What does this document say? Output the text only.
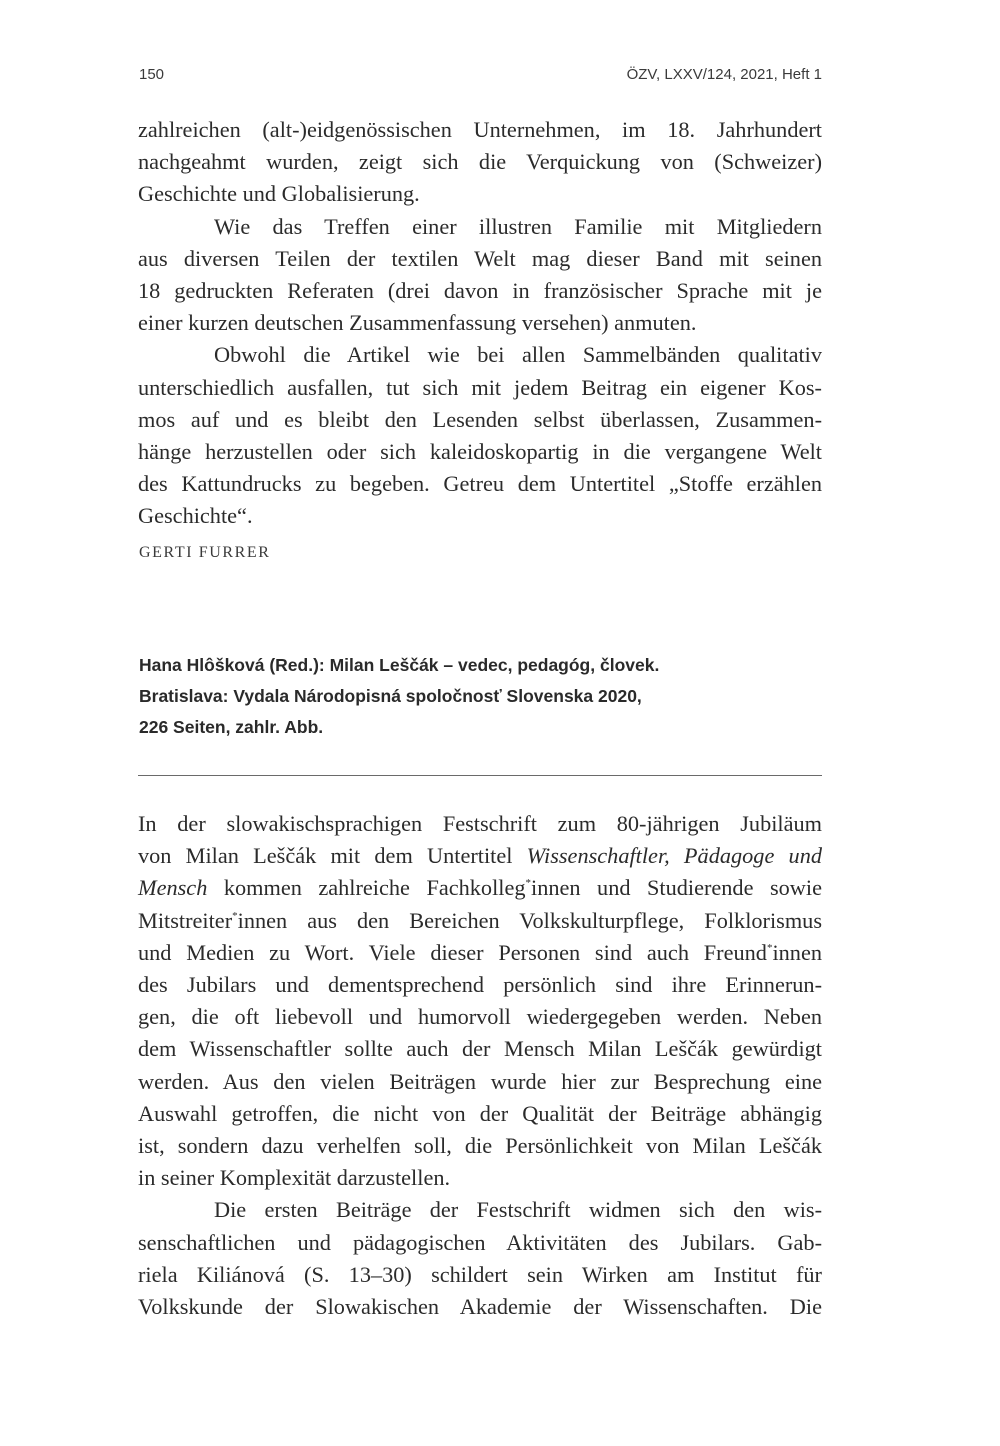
150	ÖZV, LXXV/124, 2021, Heft 1
zahlreichen (alt-)eidgenössischen Unternehmen, im 18. Jahrhundert
nachgeahmt wurden, zeigt sich die Verquickung von (Schweizer)
Geschichte und Globalisierung.
Wie das Treffen einer illustren Familie mit Mitgliedern
aus diversen Teilen der textilen Welt mag dieser Band mit seinen
18 gedruckten Referaten (drei davon in französischer Sprache mit je
einer kurzen deutschen Zusammenfassung versehen) anmuten.
Obwohl die Artikel wie bei allen Sammelbänden qualitativ
unterschiedlich ausfallen, tut sich mit jedem Beitrag ein eigener Kos-
mos auf und es bleibt den Lesenden selbst überlassen, Zusammen-
hänge herzustellen oder sich kaleidoskopartig in die vergangene Welt
des Kattundrucks zu begeben. Getreu dem Untertitel „Stoffe erzählen
Geschichte“.
GERTI FURRER
Hana Hlôšková (Red.): Milan Leščák – vedec, pedagóg, človek.
Bratislava: Vydala Národopisná spoločnosť Slovenska 2020,
226 Seiten, zahlr. Abb.
In der slowakischsprachigen Festschrift zum 80-jährigen Jubiläum
von Milan Leščák mit dem Untertitel Wissenschaftler, Pädagoge und
Mensch kommen zahlreiche Fachkolleg*innen und Studierende sowie
Mitstreiter*innen aus den Bereichen Volkskulturpflege, Folklorismus
und Medien zu Wort. Viele dieser Personen sind auch Freund*innen
des Jubilars und dementsprechend persönlich sind ihre Erinnerun-
gen, die oft liebevoll und humorvoll wiedergegeben werden. Neben
dem Wissenschaftler sollte auch der Mensch Milan Leščák gewürdigt
werden. Aus den vielen Beiträgen wurde hier zur Besprechung eine
Auswahl getroffen, die nicht von der Qualität der Beiträge abhängig
ist, sondern dazu verhelfen soll, die Persönlichkeit von Milan Leščák
in seiner Komplexität darzustellen.
Die ersten Beiträge der Festschrift widmen sich den wis-
senschaftlichen und pädagogischen Aktivitäten des Jubilars. Gab-
riela Kiliánová (S. 13–30) schildert sein Wirken am Institut für
Volkskunde der Slowakischen Akademie der Wissenschaften. Die
